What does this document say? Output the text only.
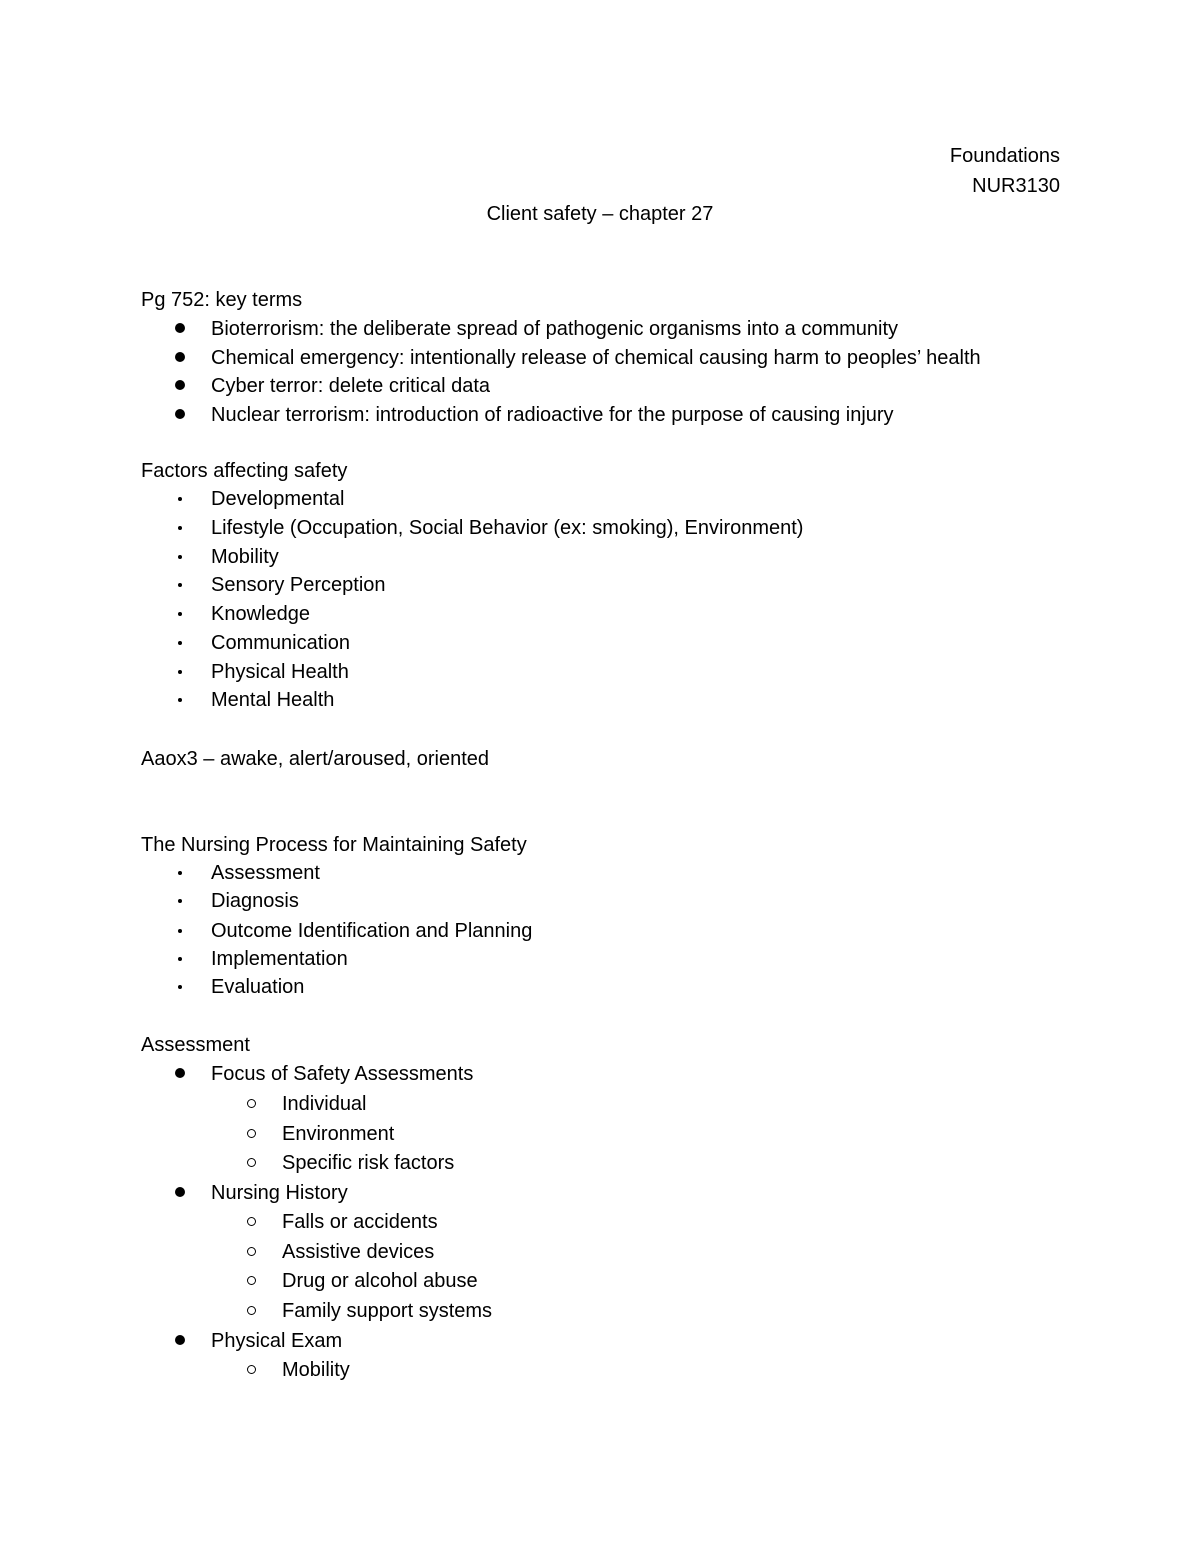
Foundations
NUR3130
Client safety – chapter 27
Pg 752: key terms
Bioterrorism: the deliberate spread of pathogenic organisms into a community
Chemical emergency: intentionally release of chemical causing harm to peoples’ health
Cyber terror: delete critical data
Nuclear terrorism: introduction of radioactive for the purpose of causing injury
Factors affecting safety
Developmental
Lifestyle (Occupation, Social Behavior (ex: smoking), Environment)
Mobility
Sensory Perception
Knowledge
Communication
Physical Health
Mental Health
Aaox3 – awake, alert/aroused, oriented
The Nursing Process for Maintaining Safety
Assessment
Diagnosis
Outcome Identification and Planning
Implementation
Evaluation
Assessment
Focus of Safety Assessments
Individual
Environment
Specific risk factors
Nursing History
Falls or accidents
Assistive devices
Drug or alcohol abuse
Family support systems
Physical Exam
Mobility
